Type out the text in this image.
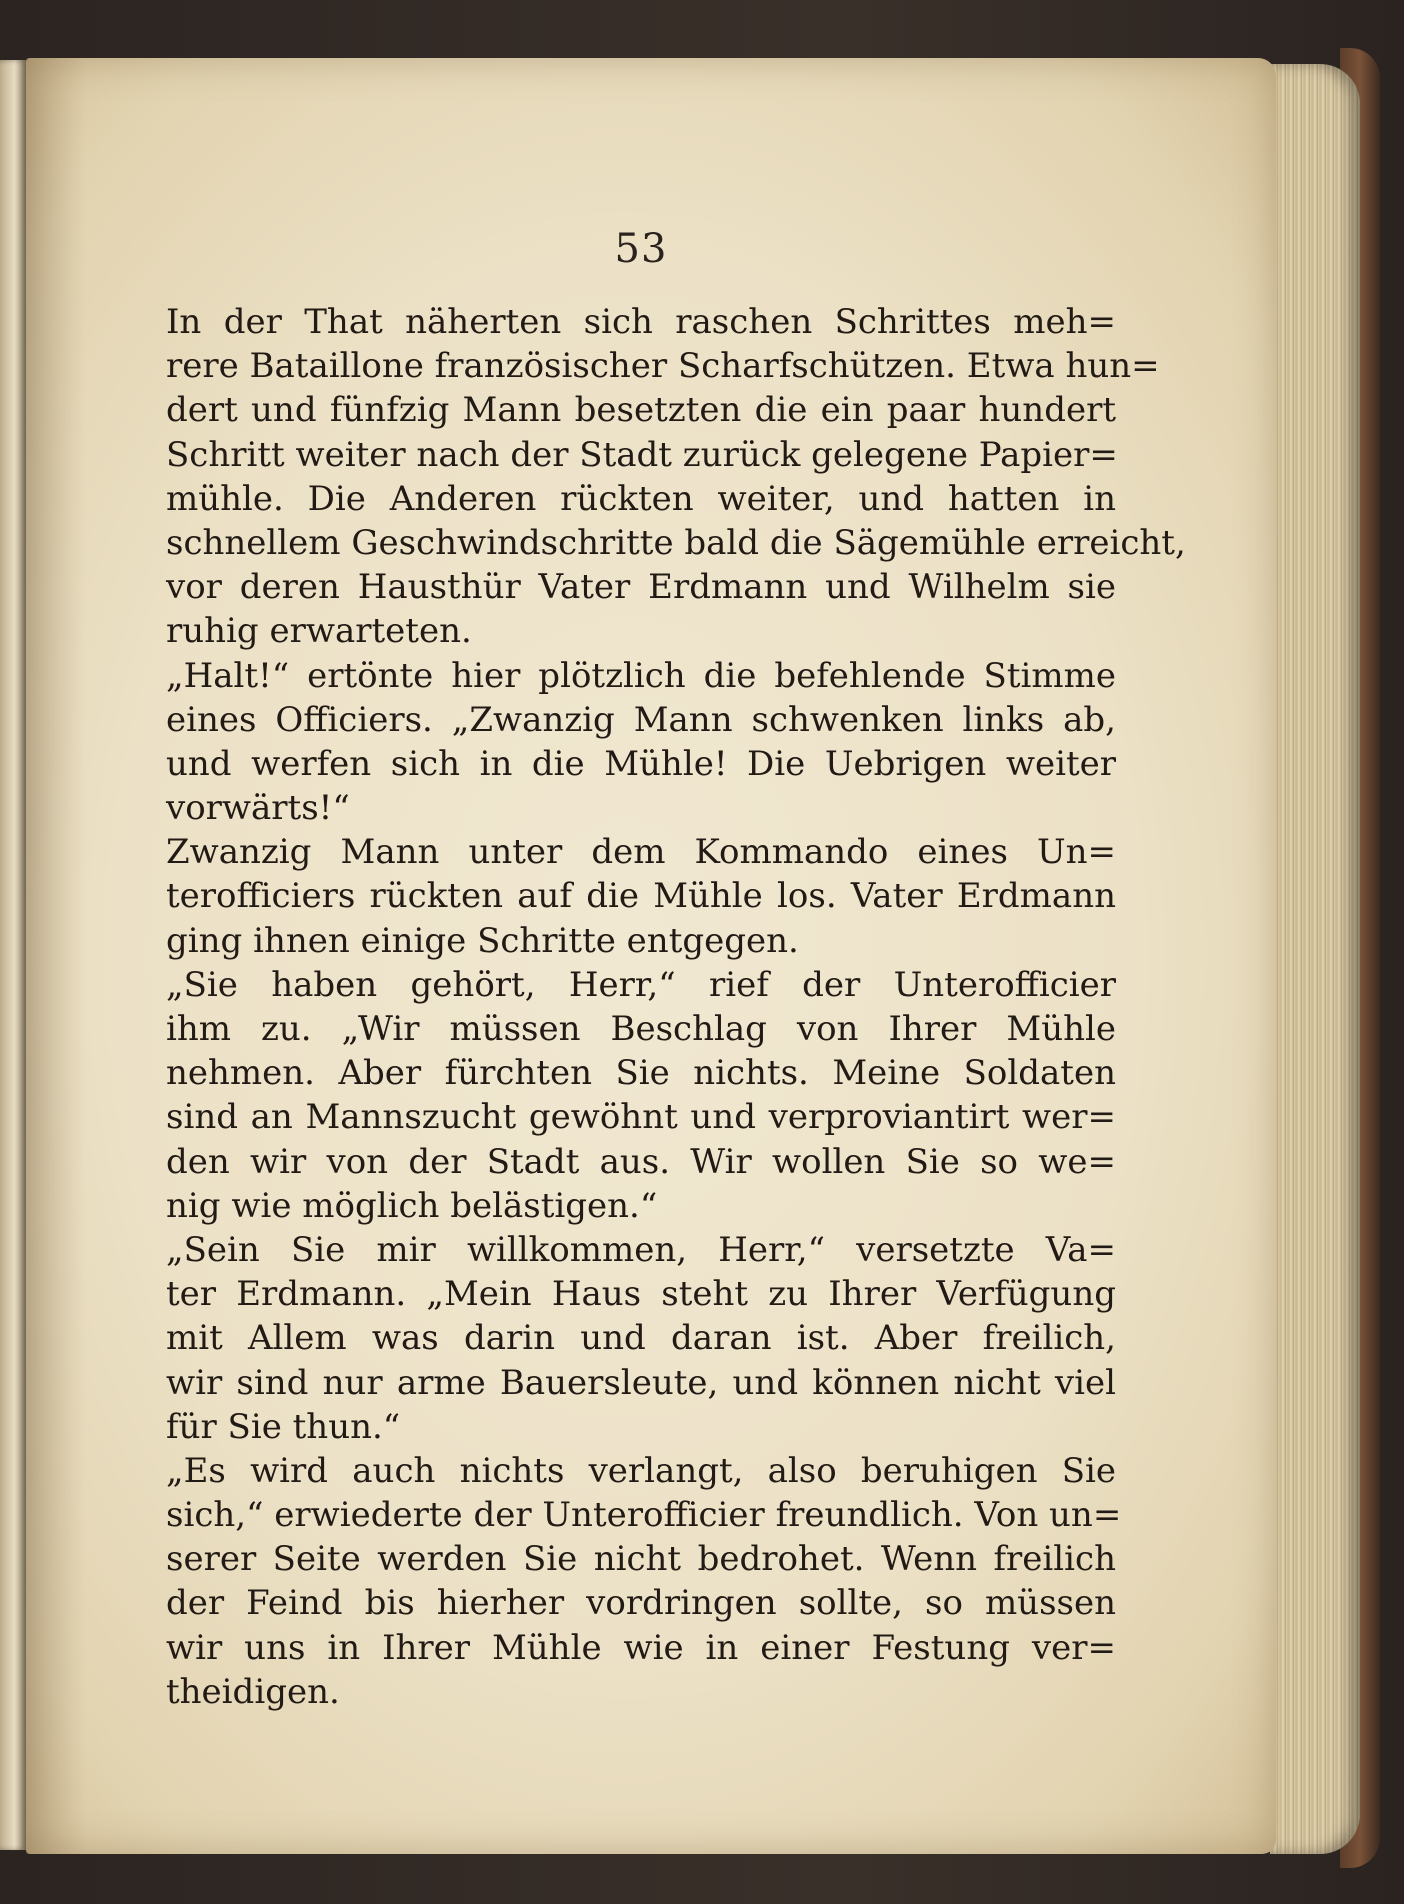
53
In der That näherten sich raschen Schrittes meh=
rere Bataillone französischer Scharfschützen. Etwa hun=
dert und fünfzig Mann besetzten die ein paar hundert
Schritt weiter nach der Stadt zurück gelegene Papier=
mühle. Die Anderen rückten weiter, und hatten in
schnellem Geschwindschritte bald die Sägemühle erreicht,
vor deren Hausthür Vater Erdmann und Wilhelm sie
ruhig erwarteten.
„Halt!“ ertönte hier plötzlich die befehlende Stimme
eines Officiers. „Zwanzig Mann schwenken links ab,
und werfen sich in die Mühle! Die Uebrigen weiter
vorwärts!“
Zwanzig Mann unter dem Kommando eines Un=
terofficiers rückten auf die Mühle los. Vater Erdmann
ging ihnen einige Schritte entgegen.
„Sie haben gehört, Herr,“ rief der Unterofficier
ihm zu. „Wir müssen Beschlag von Ihrer Mühle
nehmen. Aber fürchten Sie nichts. Meine Soldaten
sind an Mannszucht gewöhnt und verproviantirt wer=
den wir von der Stadt aus. Wir wollen Sie so we=
nig wie möglich belästigen.“
„Sein Sie mir willkommen, Herr,“ versetzte Va=
ter Erdmann. „Mein Haus steht zu Ihrer Verfügung
mit Allem was darin und daran ist. Aber freilich,
wir sind nur arme Bauersleute, und können nicht viel
für Sie thun.“
„Es wird auch nichts verlangt, also beruhigen Sie
sich,“ erwiederte der Unterofficier freundlich. Von un=
serer Seite werden Sie nicht bedrohet. Wenn freilich
der Feind bis hierher vordringen sollte, so müssen
wir uns in Ihrer Mühle wie in einer Festung ver=
theidigen.
